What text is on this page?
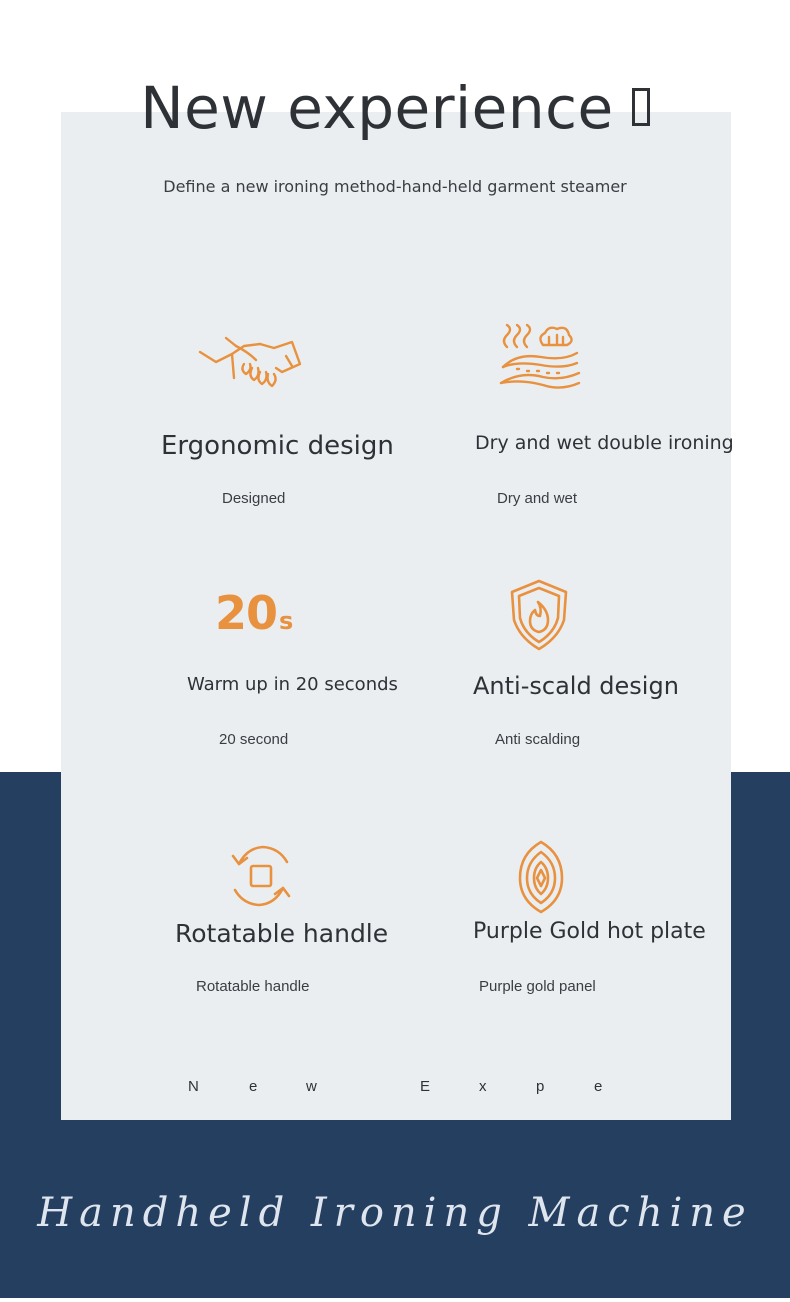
New experience
Define a new ironing method-hand-held garment steamer
Ergonomic design
Designed
Dry and wet double ironing
Dry and wet
20s
Warm up in 20 seconds
20 second
Anti-scald design
Anti scalding
Rotatable handle
Rotatable handle
Purple Gold hot plate
Purple gold panel
N	e	w	E	x	p	e
Handheld Ironing Machine
